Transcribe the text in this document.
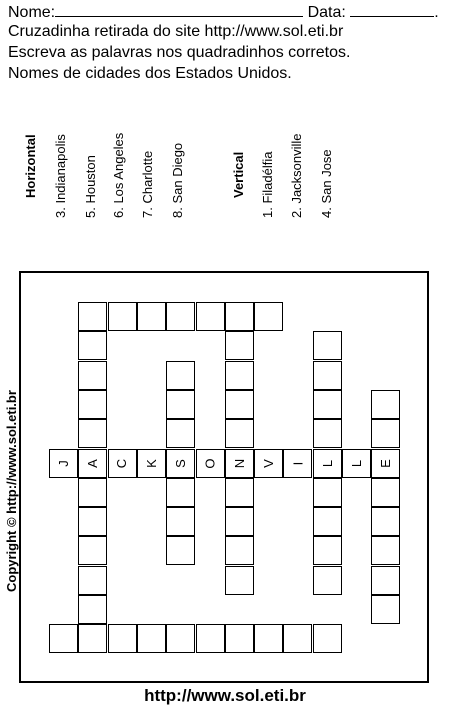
Nome:	Data:	.
Cruzadinha retirada do site http://www.sol.eti.br
Escreva as palavras nos quadradinhos corretos.
Nomes de cidades dos Estados Unidos.
Horizontal 3. Indianapolis 5. Houston 6. Los Angeles 7. Charlotte 8. San Diego	Vertical 1. Filadélfia 2. Jacksonville 4. San Jose
J	A	C	K	S	O	N	V	I	L	L	E
Copyright © http://www.sol.eti.br
http://www.sol.eti.br
